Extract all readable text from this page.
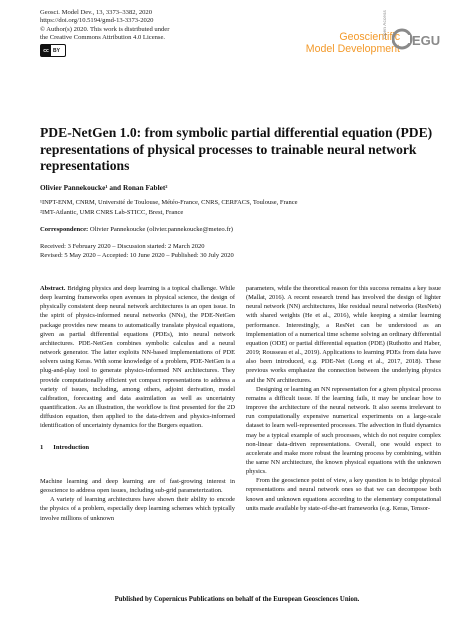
Geosci. Model Dev., 13, 3373–3382, 2020
https://doi.org/10.5194/gmd-13-3373-2020
© Author(s) 2020. This work is distributed under
the Creative Commons Attribution 4.0 License.
cc BY
Geoscientific
Model Development
Open Access
EGU
PDE-NetGen 1.0: from symbolic partial differential equation (PDE) representations of physical processes to trainable neural network representations
Olivier Pannekoucke¹ and Ronan Fablet²
¹INPT-ENM, CNRM, Université de Toulouse, Météo-France, CNRS, CERFACS, Toulouse, France
²IMT-Atlantic, UMR CNRS Lab-STICC, Brest, France
Correspondence: Olivier Pannekoucke (olivier.pannekoucke@meteo.fr)
Received: 3 February 2020 – Discussion started: 2 March 2020
Revised: 5 May 2020 – Accepted: 10 June 2020 – Published: 30 July 2020

Abstract. Bridging physics and deep learning is a topical challenge. While deep learning frameworks open avenues in physical science, the design of physically consistent deep neural network architectures is an open issue. In the spirit of physics-informed neural networks (NNs), the PDE-NetGen package provides new means to automatically translate physical equations, given as partial differential equations (PDEs), into neural network architectures. PDE-NetGen combines symbolic calculus and a neural network generator. The latter exploits NN-based implementations of PDE solvers using Keras. With some knowledge of a problem, PDE-NetGen is a plug-and-play tool to generate physics-informed NN architectures. They provide computationally efficient yet compact representations to address a variety of issues, including, among others, adjoint derivation, model calibration, forecasting and data assimilation as well as uncertainty quantification. As an illustration, the workflow is first presented for the 2D diffusion equation, then applied to the data-driven and physics-informed identification of uncertainty dynamics for the Burgers equation.

1 Introduction

Machine learning and deep learning are of fast-growing interest in geoscience to address open issues, including sub-grid parameterization.

A variety of learning architectures have shown their ability to encode the physics of a problem, especially deep learning schemes which typically involve millions of unknown

parameters, while the theoretical reason for this success remains a key issue (Mallat, 2016). A recent research trend has involved the design of lighter neural network (NN) architectures, like residual neural networks (ResNets) with shared weights (He et al., 2016), while keeping a similar learning performance. Interestingly, a ResNet can be understood as an implementation of a numerical time scheme solving an ordinary differential equation (ODE) or partial differential equation (PDE) (Ruthotto and Haber, 2019; Rousseau et al., 2019). Applications to learning PDEs from data have also been introduced, e.g. PDE-Net (Long et al., 2017, 2018). These previous works emphasize the connection between the underlying physics and the NN architectures.

Designing or learning an NN representation for a given physical process remains a difficult issue. If the learning fails, it may be unclear how to improve the architecture of the neural network. It also seems irrelevant to run computationally expensive numerical experiments on a large-scale dataset to learn well-represented processes. The advection in fluid dynamics may be a typical example of such processes, which do not require complex non-linear data-driven representations. Overall, one would expect to accelerate and make more robust the learning process by combining, within the same NN architecture, the known physical equations with the unknown physics.

From the geoscience point of view, a key question is to bridge physical representations and neural network ones so that we can decompose both known and unknown equations according to the elementary computational units made available by state-of-the-art frameworks (e.g. Keras, Tensor-

Published by Copernicus Publications on behalf of the European Geosciences Union.
